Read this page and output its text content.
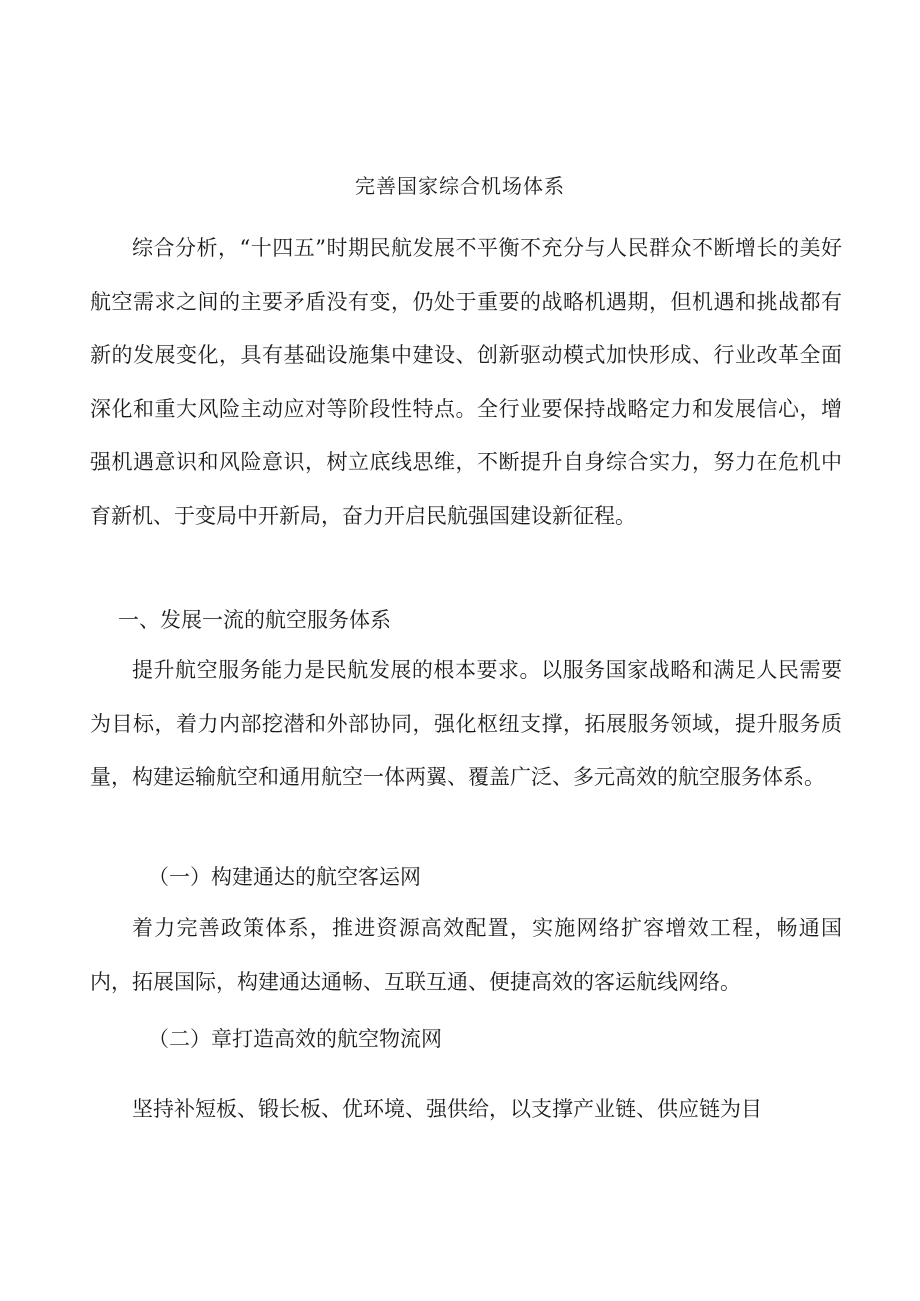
完善国家综合机场体系

综合分析，“十四五”时期民航发展不平衡不充分与人民群众不断增长的美好航空需求之间的主要矛盾没有变，仍处于重要的战略机遇期，但机遇和挑战都有新的发展变化，具有基础设施集中建设、创新驱动模式加快形成、行业改革全面深化和重大风险主动应对等阶段性特点。全行业要保持战略定力和发展信心，增强机遇意识和风险意识，树立底线思维，不断提升自身综合实力，努力在危机中育新机、于变局中开新局，奋力开启民航强国建设新征程。

一、发展一流的航空服务体系

提升航空服务能力是民航发展的根本要求。以服务国家战略和满足人民需要为目标，着力内部挖潜和外部协同，强化枢纽支撑，拓展服务领域，提升服务质量，构建运输航空和通用航空一体两翼、覆盖广泛、多元高效的航空服务体系。

（一）构建通达的航空客运网

着力完善政策体系，推进资源高效配置，实施网络扩容增效工程，畅通国内，拓展国际，构建通达通畅、互联互通、便捷高效的客运航线网络。

（二）章打造高效的航空物流网

坚持补短板、锻长板、优环境、强供给，以支撑产业链、供应链为目
